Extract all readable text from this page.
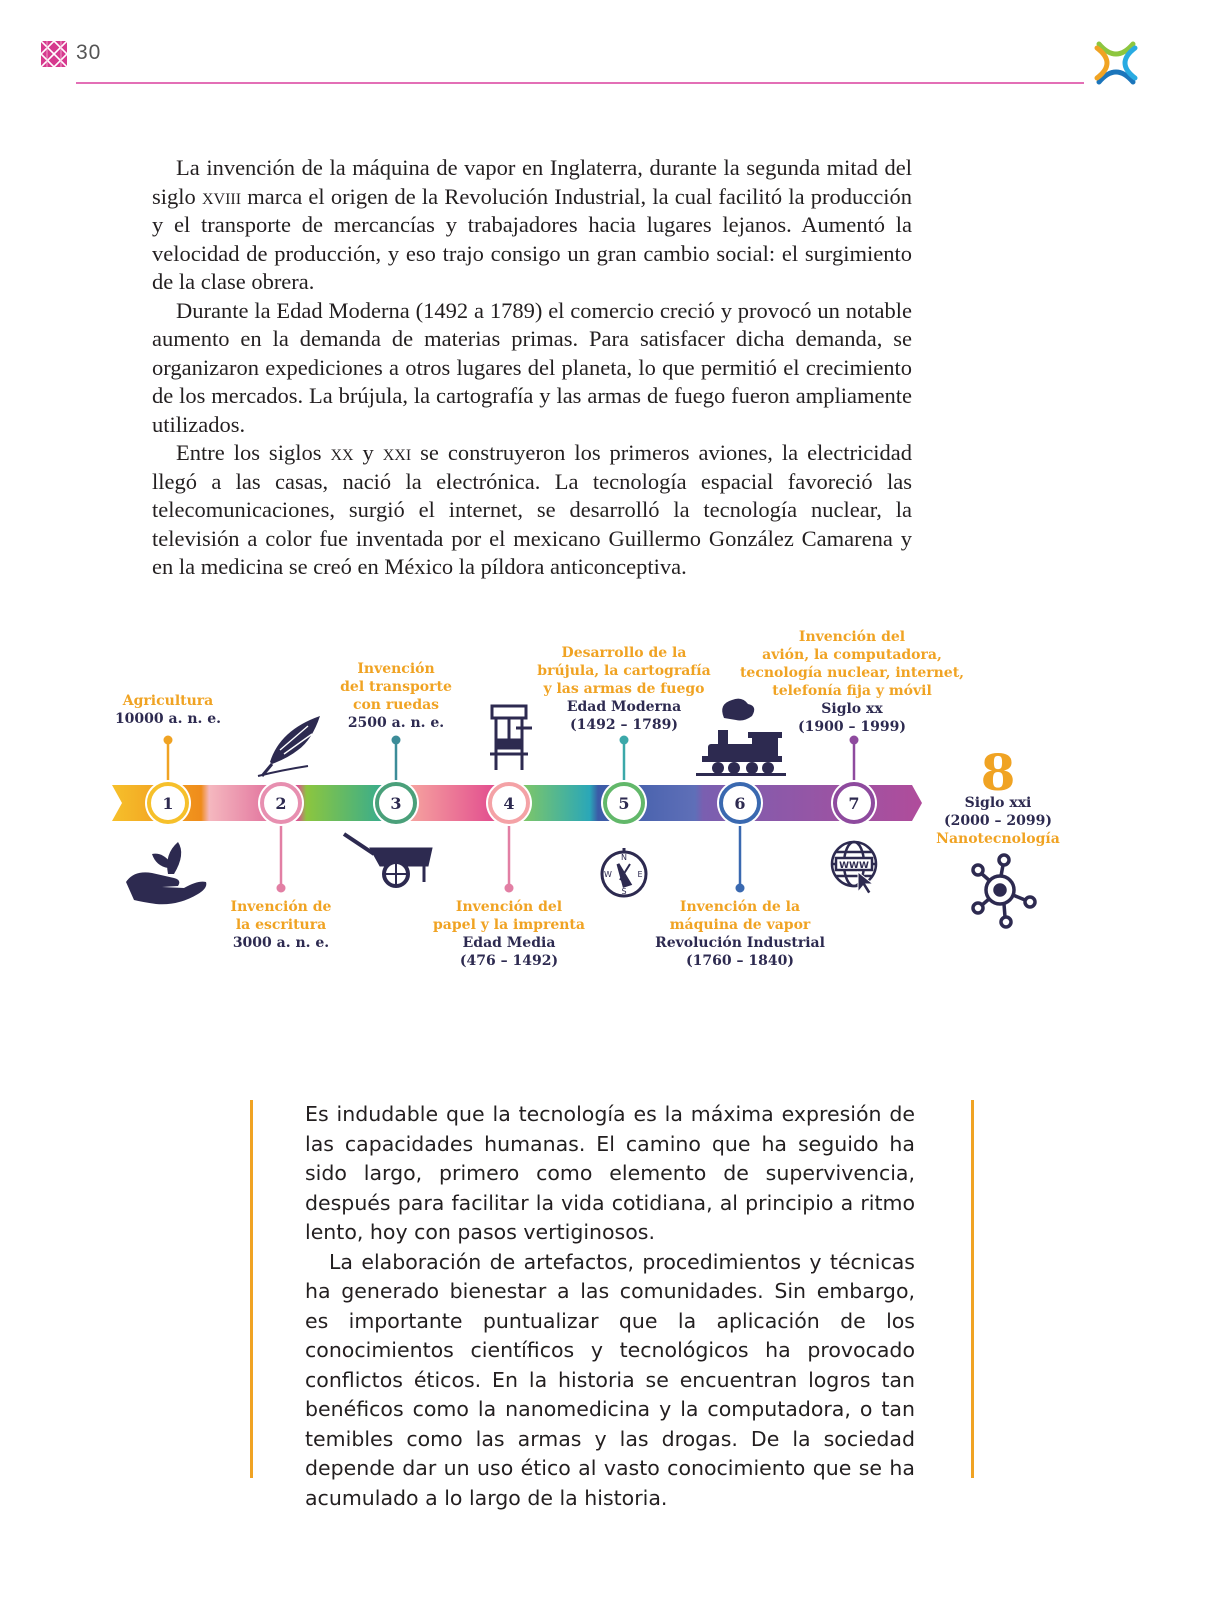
30

La invención de la máquina de vapor en Inglaterra, durante la segunda mitad del siglo xviii marca el origen de la Revolución Industrial, la cual facilitó la producción y el transporte de mercancías y trabajadores hacia lugares lejanos. Aumentó la velocidad de producción, y eso trajo consigo un gran cambio social: el surgimiento de la clase obrera.

Durante la Edad Moderna (1492 a 1789) el comercio creció y provocó un notable aumento en la demanda de materias primas. Para satisfacer dicha demanda, se organizaron expediciones a otros lugares del planeta, lo que permitió el crecimiento de los mercados. La brújula, la cartografía y las armas de fuego fueron ampliamente utilizados.

Entre los siglos xx y xxi se construyeron los primeros aviones, la electricidad llegó a las casas, nació la electrónica. La tecnología espacial favoreció las telecomunicaciones, surgió el internet, se desarrolló la tecnología nuclear, la televisión a color fue inventada por el mexicano Guillermo González Camarena y en la medicina se creó en México la píldora anticonceptiva.

1	2	3	4	5	6	7
N
S
W	E
WWW
8
Agricultura
10000 a. n. e.
Invención
del transporte
con ruedas
2500 a. n. e.
Desarrollo de la
brújula, la cartografía
y las armas de fuego
Edad Moderna
(1492 – 1789)
Invención del
avión, la computadora,
tecnología nuclear, internet,
telefonía fija y móvil
Siglo xx
(1900 – 1999)
Invención de
la escritura
3000 a. n. e.
Invención del
papel y la imprenta
Edad Media
(476 – 1492)
Invención de la
máquina de vapor
Revolución Industrial
(1760 – 1840)
Siglo xxi
(2000 – 2099)
Nanotecnología

Es indudable que la tecnología es la máxima expresión de las capacidades humanas. El camino que ha seguido ha sido largo, primero como elemento de supervivencia, después para facilitar la vida cotidiana, al principio a ritmo lento, hoy con pasos vertiginosos.

La elaboración de artefactos, procedimientos y técnicas ha generado bienestar a las comunidades. Sin embargo, es importante puntualizar que la aplicación de los conocimientos científicos y tecnológicos ha provocado conflictos éticos. En la historia se encuentran logros tan benéficos como la nanomedicina y la computadora, o tan temibles como las armas y las drogas. De la sociedad depende dar un uso ético al vasto conocimiento que se ha acumulado a lo largo de la historia.
